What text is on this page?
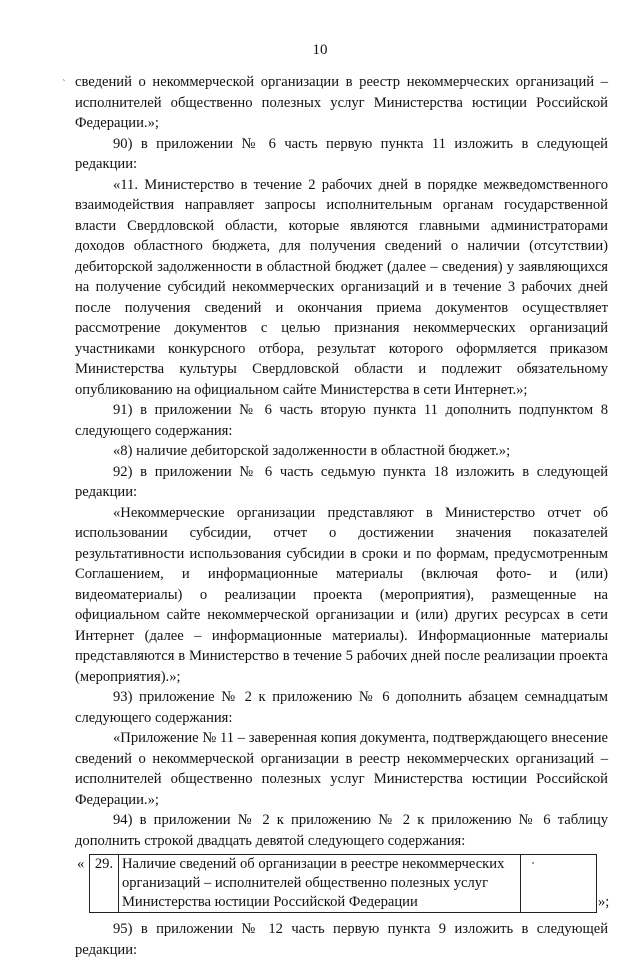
10
˴ сведений о некоммерческой организации в реестр некоммерческих организаций – исполнителей общественно полезных услуг Министерства юстиции Российской Федерации.»;

90) в приложении № 6 часть первую пункта 11 изложить в следующей редакции:

«11. Министерство в течение 2 рабочих дней в порядке межведомственного взаимодействия направляет запросы исполнительным органам государственной власти Свердловской области, которые являются главными администраторами доходов областного бюджета, для получения сведений о наличии (отсутствии) дебиторской задолженности в областной бюджет (далее – сведения) у заявляющихся на получение субсидий некоммерческих организаций и в течение 3 рабочих дней после получения сведений и окончания приема документов осуществляет рассмотрение документов с целью признания некоммерческих организаций участниками конкурсного отбора, результат которого оформляется приказом Министерства культуры Свердловской области и подлежит обязательному опубликованию на официальном сайте Министерства в сети Интернет.»;

91) в приложении № 6 часть вторую пункта 11 дополнить подпунктом 8 следующего содержания:

«8) наличие дебиторской задолженности в областной бюджет.»;

92) в приложении № 6 часть седьмую пункта 18 изложить в следующей редакции:

«Некоммерческие организации представляют в Министерство отчет об использовании субсидии, отчет о достижении значения показателей результативности использования субсидии в сроки и по формам, предусмотренным Соглашением, и информационные материалы (включая фото- и (или) видеоматериалы) о реализации проекта (мероприятия), размещенные на официальном сайте некоммерческой организации и (или) других ресурсах в сети Интернет (далее – информационные материалы). Информационные материалы представляются в Министерство в течение 5 рабочих дней после реализации проекта (мероприятия).»;

93) приложение № 2 к приложению № 6 дополнить абзацем семнадцатым следующего содержания:

«Приложение № 11 – заверенная копия документа, подтверждающего внесение сведений о некоммерческой организации в реестр некоммерческих организаций – исполнителей общественно полезных услуг Министерства юстиции Российской Федерации.»;

94) в приложении № 2 к приложению № 2 к приложению № 6 таблицу дополнить строкой двадцать девятой следующего содержания:

« 29.	Наличие сведений об организации в реестре некоммерческих организаций – исполнителей общественно полезных услуг Министерства юстиции Российской Федерации		»;

95) в приложении № 12 часть первую пункта 9 изложить в следующей редакции:
